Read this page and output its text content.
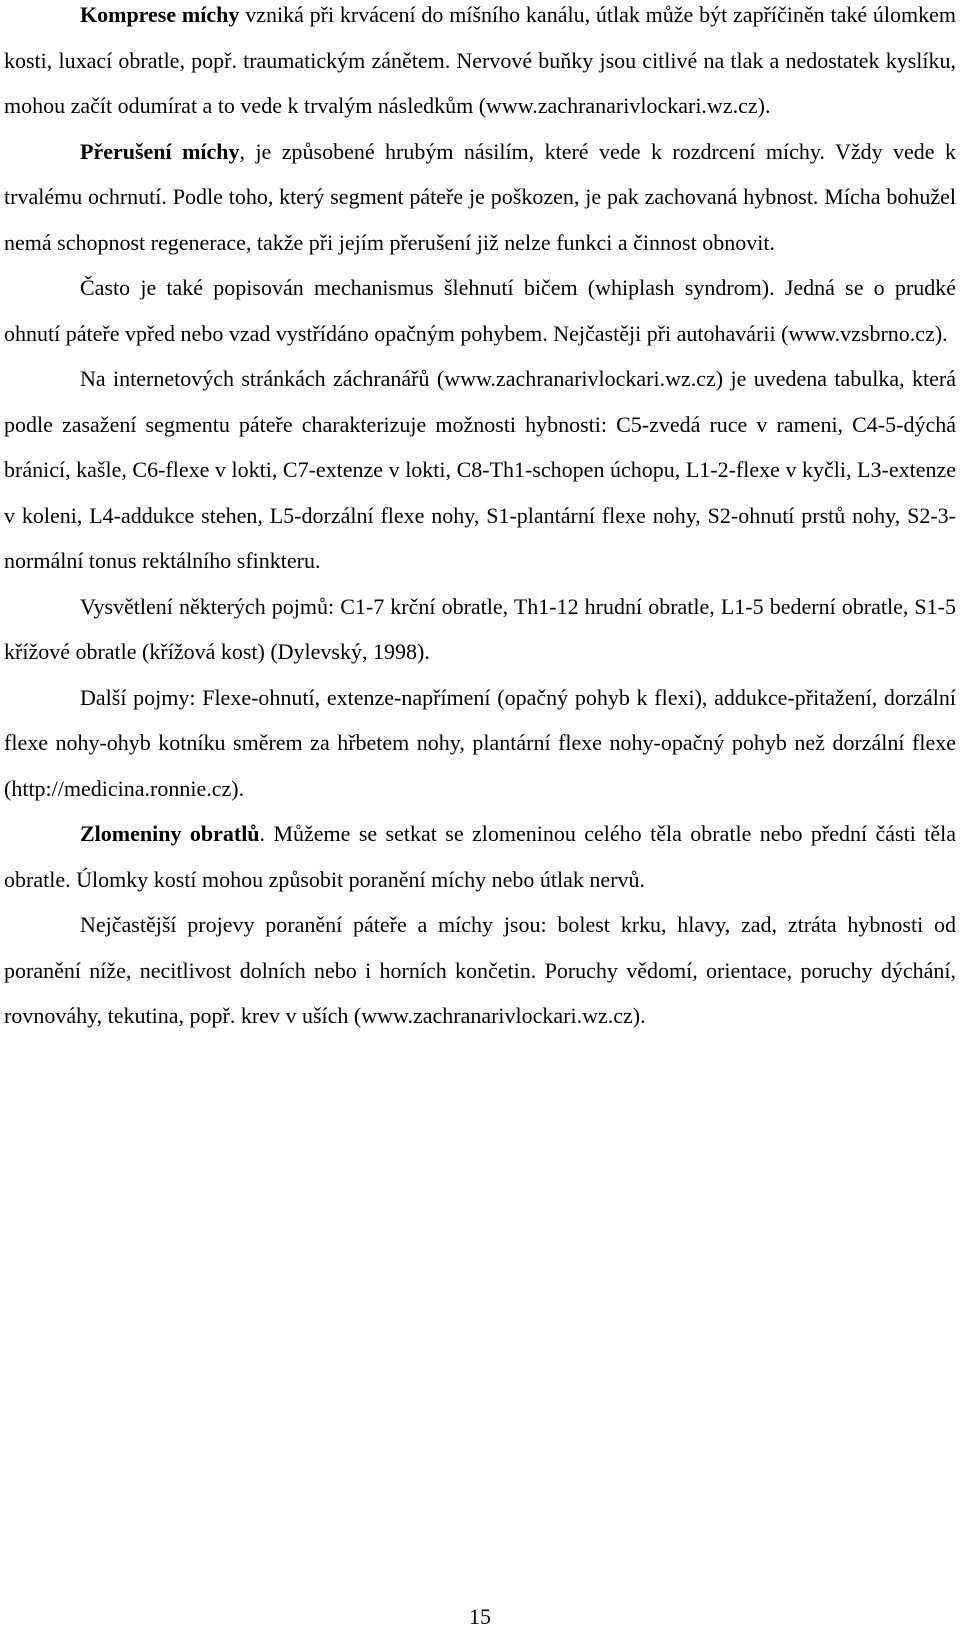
Komprese míchy vzniká při krvácení do míšního kanálu, útlak může být zapříčiněn také úlomkem kosti, luxací obratle, popř. traumatickým zánětem. Nervové buňky jsou citlivé na tlak a nedostatek kyslíku, mohou začít odumírat a to vede k trvalým následkům (www.zachranarivlockari.wz.cz).

Přerušení míchy, je způsobené hrubým násilím, které vede k rozdrcení míchy. Vždy vede k trvalému ochrnutí. Podle toho, který segment páteře je poškozen, je pak zachovaná hybnost. Mícha bohužel nemá schopnost regenerace, takže při jejím přerušení již nelze funkci a činnost obnovit.

Často je také popisován mechanismus šlehnutí bičem (whiplash syndrom). Jedná se o prudké ohnutí páteře vpřed nebo vzad vystřídáno opačným pohybem. Nejčastěji při autohavárii (www.vzsbrno.cz).

Na internetových stránkách záchranářů (www.zachranarivlockari.wz.cz) je uvedena tabulka, která podle zasažení segmentu páteře charakterizuje možnosti hybnosti: C5-zvedá ruce v rameni, C4-5-dýchá bránicí, kašle, C6-flexe v lokti, C7-extenze v lokti, C8-Th1-schopen úchopu, L1-2-flexe v kyčli, L3-extenze v koleni, L4-addukce stehen, L5-dorzální flexe nohy, S1-plantární flexe nohy, S2-ohnutí prstů nohy, S2-3-normální tonus rektálního sfinkteru.

Vysvětlení některých pojmů: C1-7 krční obratle, Th1-12 hrudní obratle, L1-5 bederní obratle, S1-5 křížové obratle (křížová kost) (Dylevský, 1998).

Další pojmy: Flexe-ohnutí, extenze-napřímení (opačný pohyb k flexi), addukce-přitažení, dorzální flexe nohy-ohyb kotníku směrem za hřbetem nohy, plantární flexe nohy-opačný pohyb než dorzální flexe (http://medicina.ronnie.cz).

Zlomeniny obratlů. Můžeme se setkat se zlomeninou celého těla obratle nebo přední části těla obratle. Úlomky kostí mohou způsobit poranění míchy nebo útlak nervů.

Nejčastější projevy poranění páteře a míchy jsou: bolest krku, hlavy, zad, ztráta hybnosti od poranění níže, necitlivost dolních nebo i horních končetin. Poruchy vědomí, orientace, poruchy dýchání, rovnováhy, tekutina, popř. krev v uších (www.zachranarivlockari.wz.cz).

15
